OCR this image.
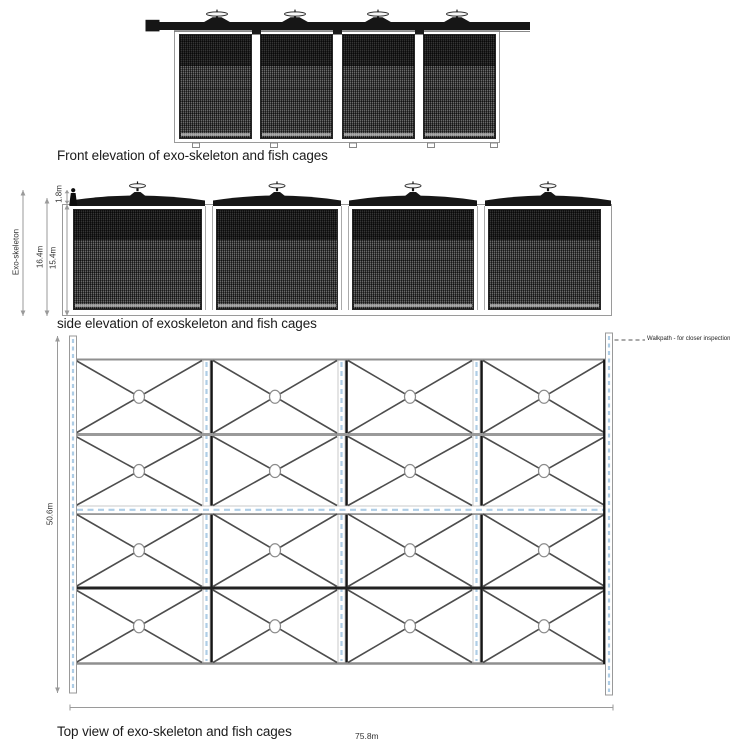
Front elevation of exo-skeleton and fish cages
side elevation of exoskeleton and fish cages
Top view of exo-skeleton and fish cages
Exo-skeleton 16.4m 15.4m
1.8m
50.6m
75.8m
Walkpath - for closer inspection
